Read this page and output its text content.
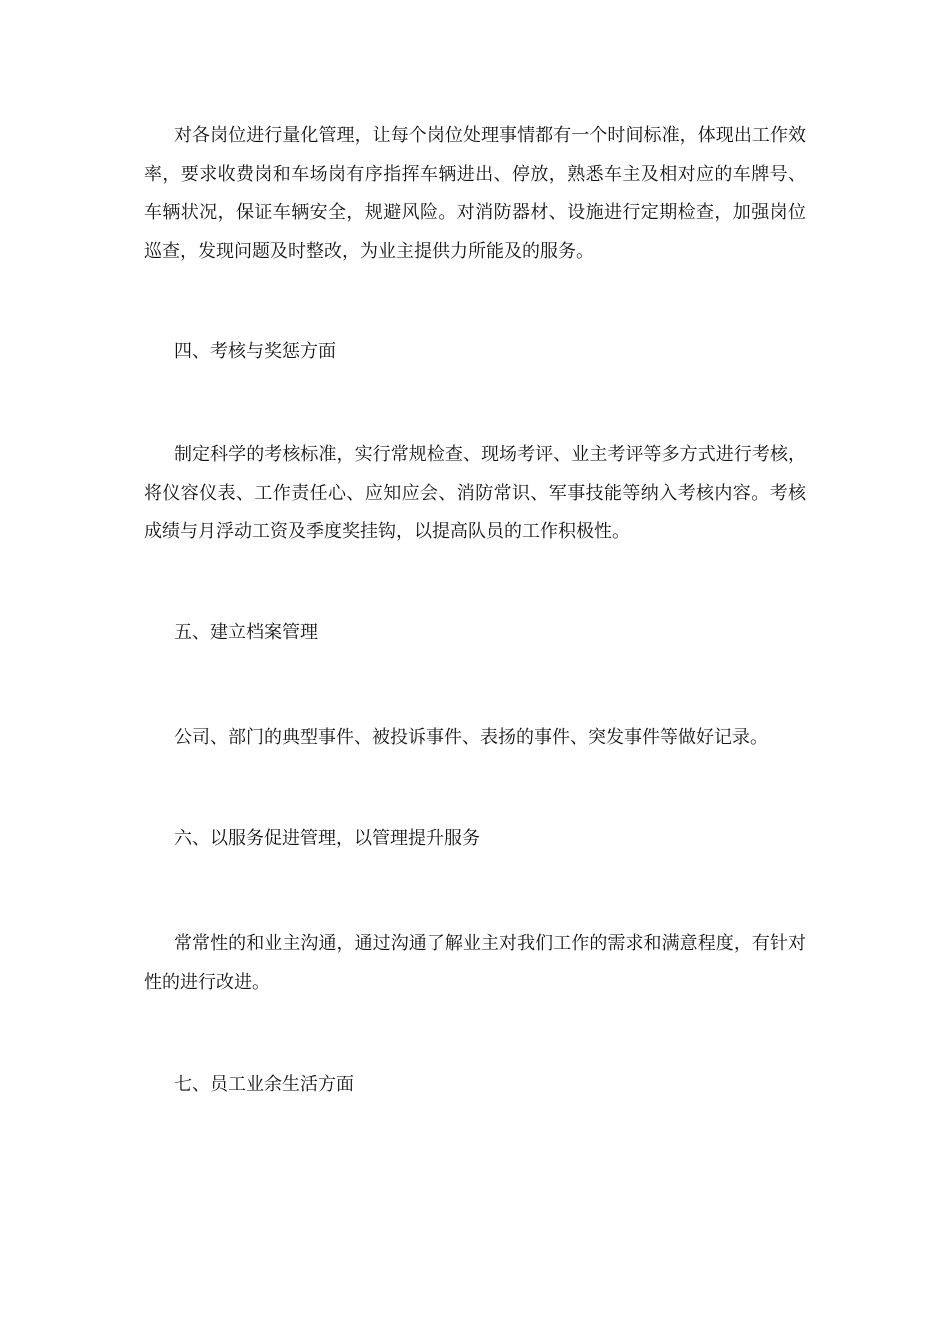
对各岗位进行量化管理，让每个岗位处理事情都有一个时间标准，体现出工作效率，要求收费岗和车场岗有序指挥车辆进出、停放，熟悉车主及相对应的车牌号、车辆状况，保证车辆安全，规避风险。对消防器材、设施进行定期检查，加强岗位巡查，发现问题及时整改，为业主提供力所能及的服务。

四、考核与奖惩方面

制定科学的考核标准，实行常规检查、现场考评、业主考评等多方式进行考核，将仪容仪表、工作责任心、应知应会、消防常识、军事技能等纳入考核内容。考核成绩与月浮动工资及季度奖挂钩，以提高队员的工作积极性。

五、建立档案管理

公司、部门的典型事件、被投诉事件、表扬的事件、突发事件等做好记录。

六、以服务促进管理，以管理提升服务

常常性的和业主沟通，通过沟通了解业主对我们工作的需求和满意程度，有针对性的进行改进。

七、员工业余生活方面
